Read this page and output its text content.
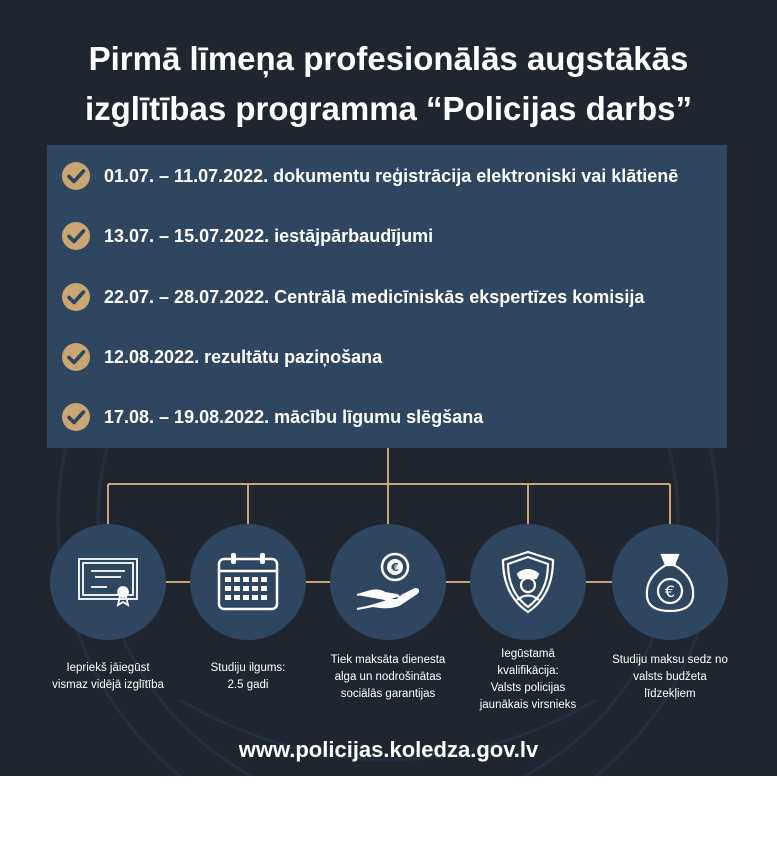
Pirmā līmeņa profesionālās augstākās
izglītības programma “Policijas darbs”
01.07. – 11.07.2022. dokumentu reģistrācija elektroniski vai klātienē
13.07. – 15.07.2022. iestājpārbaudījumi
22.07. – 28.07.2022. Centrālā medicīniskās ekspertīzes komisija
12.08.2022. rezultātu paziņošana
17.08. – 19.08.2022. mācību līgumu slēgšana
€
€
Iepriekš jāiegūst
vismaz vidējā izglītība
Studiju ilgums:
2.5 gadi
Tiek maksāta dienesta
alga un nodrošinātas
sociālās garantijas
Iegūstamā
kvalifikācija:
Valsts policijas
jaunākais virsnieks
Studiju maksu sedz no
valsts budžeta
līdzekļiem
www.policijas.koledza.gov.lv
